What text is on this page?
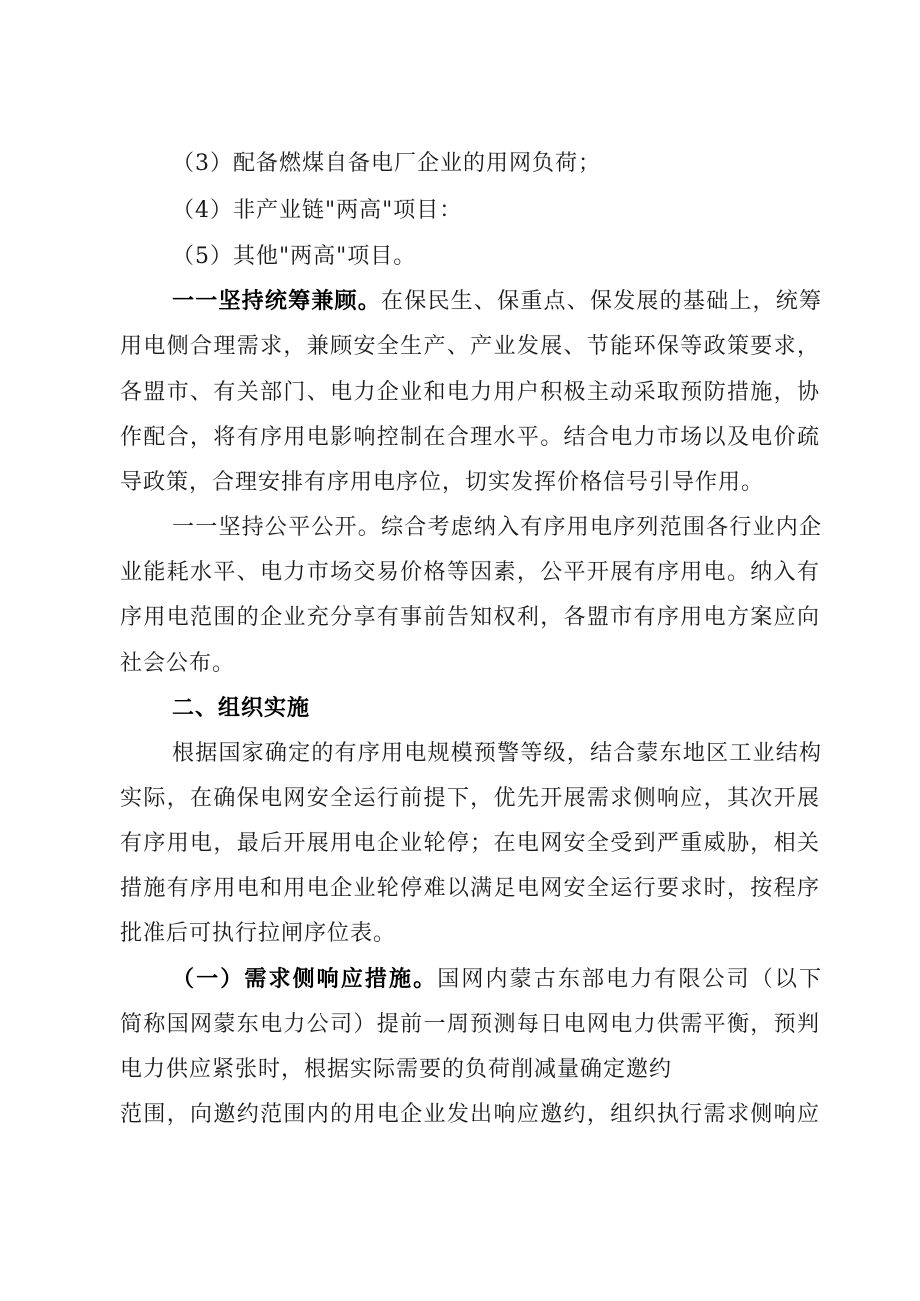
（3）配备燃煤自备电厂企业的用网负荷；
（4）非产业链"两高"项目：
（5）其他"两高"项目。
一一坚持统筹兼顾。在保民生、保重点、保发展的基础上，统筹
用电侧合理需求，兼顾安全生产、产业发展、节能环保等政策要求，
各盟市、有关部门、电力企业和电力用户积极主动采取预防措施，协
作配合，将有序用电影响控制在合理水平。结合电力市场以及电价疏
导政策，合理安排有序用电序位，切实发挥价格信号引导作用。
一一坚持公平公开。综合考虑纳入有序用电序列范围各行业内企
业能耗水平、电力市场交易价格等因素，公平开展有序用电。纳入有
序用电范围的企业充分享有事前告知权利，各盟市有序用电方案应向
社会公布。
二、组织实施
根据国家确定的有序用电规模预警等级，结合蒙东地区工业结构
实际，在确保电网安全运行前提下，优先开展需求侧响应，其次开展
有序用电，最后开展用电企业轮停；在电网安全受到严重威胁，相关
措施有序用电和用电企业轮停难以满足电网安全运行要求时，按程序
批准后可执行拉闸序位表。
（一）需求侧响应措施。国网内蒙古东部电力有限公司（以下
简称国网蒙东电力公司）提前一周预测每日电网电力供需平衡，预判
电力供应紧张时，根据实际需要的负荷削减量确定邀约
范围，向邀约范围内的用电企业发出响应邀约，组织执行需求侧响应
